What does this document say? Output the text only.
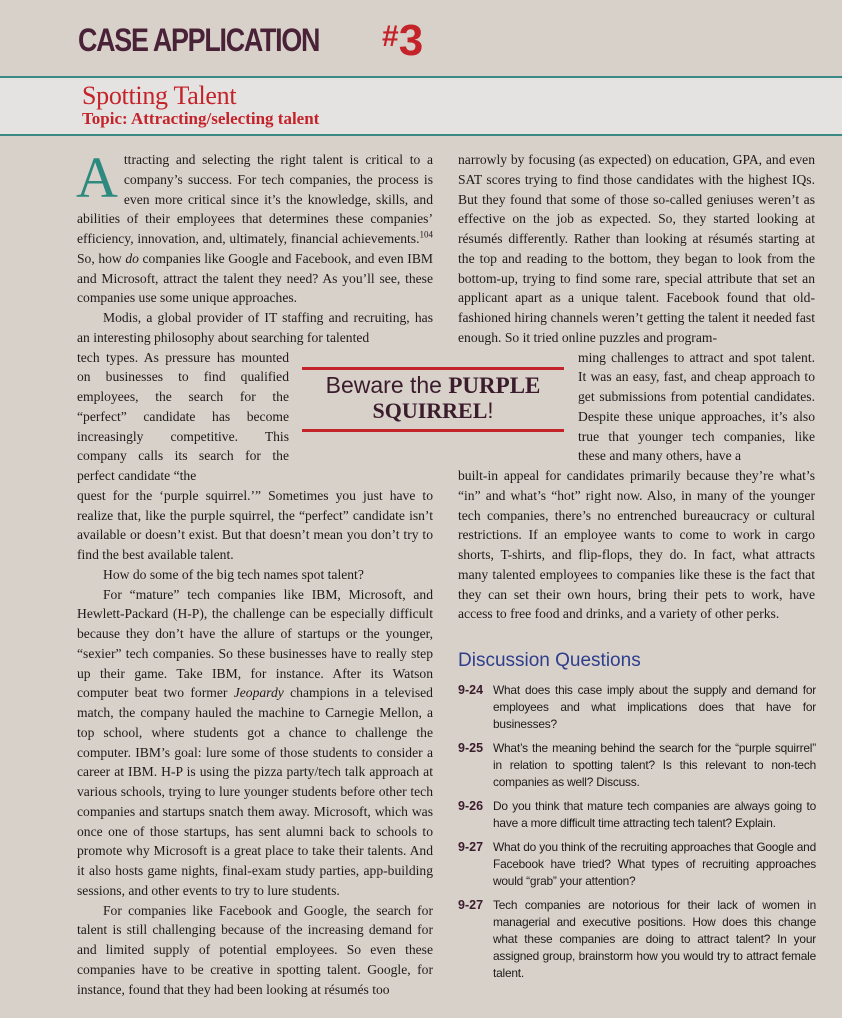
CASE APPLICATION #3
Spotting Talent
Topic: Attracting/selecting talent

Attracting and selecting the right talent is critical to a company’s success. For tech companies, the process is even more critical since it’s the knowledge, skills, and abilities of their employees that determines these companies’ efficiency, innovation, and, ultimately, financial achievements.$^{104}$ So, how do companies like Google and Facebook, and even IBM and Microsoft, attract the talent they need? As you’ll see, these companies use some unique approaches.

Modis, a global provider of IT staffing and recruiting, has an interesting philosophy about searching for talented

tech types. As pressure has mounted on businesses to find qualified employees, the search for the “perfect” candidate has become increasingly competitive. This company calls its search for the perfect candidate “the

quest for the ‘purple squirrel.’” Sometimes you just have to realize that, like the purple squirrel, the “perfect” candidate isn’t available or doesn’t exist. But that doesn’t mean you don’t try to find the best available talent.

How do some of the big tech names spot talent?

For “mature” tech companies like IBM, Microsoft, and Hewlett-Packard (H-P), the challenge can be especially difficult because they don’t have the allure of startups or the younger, “sexier” tech companies. So these businesses have to really step up their game. Take IBM, for instance. After its Watson computer beat two former Jeopardy champions in a televised match, the company hauled the machine to Carnegie Mellon, a top school, where students got a chance to challenge the computer. IBM’s goal: lure some of those students to consider a career at IBM. H-P is using the pizza party/tech talk approach at various schools, trying to lure younger students before other tech companies and startups snatch them away. Microsoft, which was once one of those startups, has sent alumni back to schools to promote why Microsoft is a great place to take their talents. And it also hosts game nights, final-exam study parties, app-building sessions, and other events to try to lure students.

For companies like Facebook and Google, the search for talent is still challenging because of the increasing demand for and limited supply of potential employees. So even these companies have to be creative in spotting talent. Google, for instance, found that they had been looking at résumés too

Beware the PURPLE
SQUIRREL!

narrowly by focusing (as expected) on education, GPA, and even SAT scores trying to find those candidates with the highest IQs. But they found that some of those so-called geniuses weren’t as effective on the job as expected. So, they started looking at résumés differently. Rather than looking at résumés starting at the top and reading to the bottom, they began to look from the bottom-up, trying to find some rare, special attribute that set an applicant apart as a unique talent. Facebook found that old-fashioned hiring channels weren’t getting the talent it needed fast enough. So it tried online puzzles and program-

ming challenges to attract and spot talent. It was an easy, fast, and cheap approach to get submissions from potential candidates. Despite these unique approaches, it’s also true that younger tech companies, like these and many others, have a

built-in appeal for candidates primarily because they’re what’s “in” and what’s “hot” right now. Also, in many of the younger tech companies, there’s no entrenched bureaucracy or cultural restrictions. If an employee wants to come to work in cargo shorts, T-shirts, and flip-flops, they do. In fact, what attracts many talented employees to companies like these is the fact that they can set their own hours, bring their pets to work, have access to free food and drinks, and a variety of other perks.

Discussion Questions
9-24 What does this case imply about the supply and demand for employees and what implications does that have for businesses?
9-25 What’s the meaning behind the search for the “purple squirrel” in relation to spotting talent? Is this relevant to non-tech companies as well? Discuss.
9-26 Do you think that mature tech companies are always going to have a more difficult time attracting tech talent? Explain.
9-27 What do you think of the recruiting approaches that Google and Facebook have tried? What types of recruiting approaches would “grab” your attention?
9-27 Tech companies are notorious for their lack of women in managerial and executive positions. How does this change what these companies are doing to attract talent? In your assigned group, brainstorm how you would try to attract female talent.
